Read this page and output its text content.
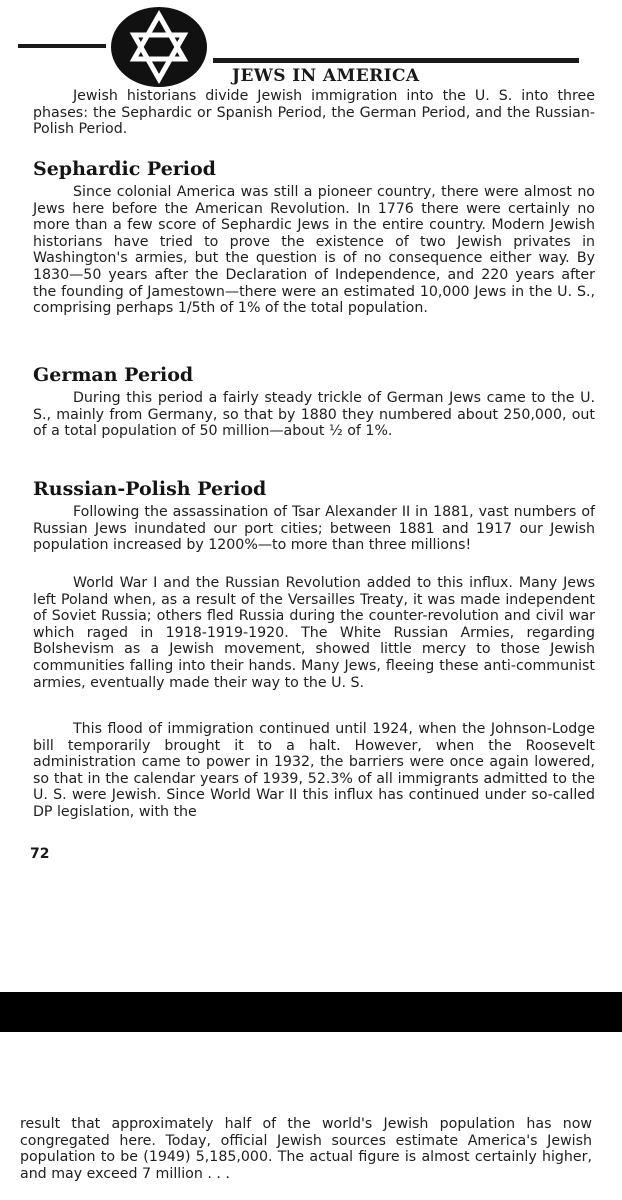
JEWS IN AMERICA

Jewish historians divide Jewish immigration into the U. S. into three phases: the Sephardic or Spanish Period, the German Period, and the Russian-Polish Period.

Sephardic Period

Since colonial America was still a pioneer country, there were almost no Jews here before the American Revolution. In 1776 there were certainly no more than a few score of Sephardic Jews in the entire country. Modern Jewish historians have tried to prove the existence of two Jewish privates in Washington's armies, but the question is of no consequence either way. By 1830—50 years after the Declaration of Independence, and 220 years after the founding of Jamestown—there were an estimated 10,000 Jews in the U. S., comprising perhaps 1/5th of 1% of the total population.

German Period

During this period a fairly steady trickle of German Jews came to the U. S., mainly from Germany, so that by 1880 they numbered about 250,000, out of a total population of 50 million—about ½ of 1%.

Russian-Polish Period

Following the assassination of Tsar Alexander II in 1881, vast numbers of Russian Jews inundated our port cities; between 1881 and 1917 our Jewish population increased by 1200%—to more than three millions!

World War I and the Russian Revolution added to this influx. Many Jews left Poland when, as a result of the Versailles Treaty, it was made independent of Soviet Russia; others fled Russia during the counter-revolution and civil war which raged in 1918-1919-1920. The White Russian Armies, regarding Bolshevism as a Jewish movement, showed little mercy to those Jewish communities falling into their hands. Many Jews, fleeing these anti-communist armies, eventually made their way to the U. S.

This flood of immigration continued until 1924, when the Johnson-Lodge bill temporarily brought it to a halt. However, when the Roosevelt administration came to power in 1932, the barriers were once again lowered, so that in the calendar years of 1939, 52.3% of all immigrants admitted to the U. S. were Jewish. Since World War II this influx has continued under so-called DP legislation, with the

72

result that approximately half of the world's Jewish population has now congregated here. Today, official Jewish sources estimate America's Jewish population to be (1949) 5,185,000. The actual figure is almost certainly higher, and may exceed 7 million . . .
